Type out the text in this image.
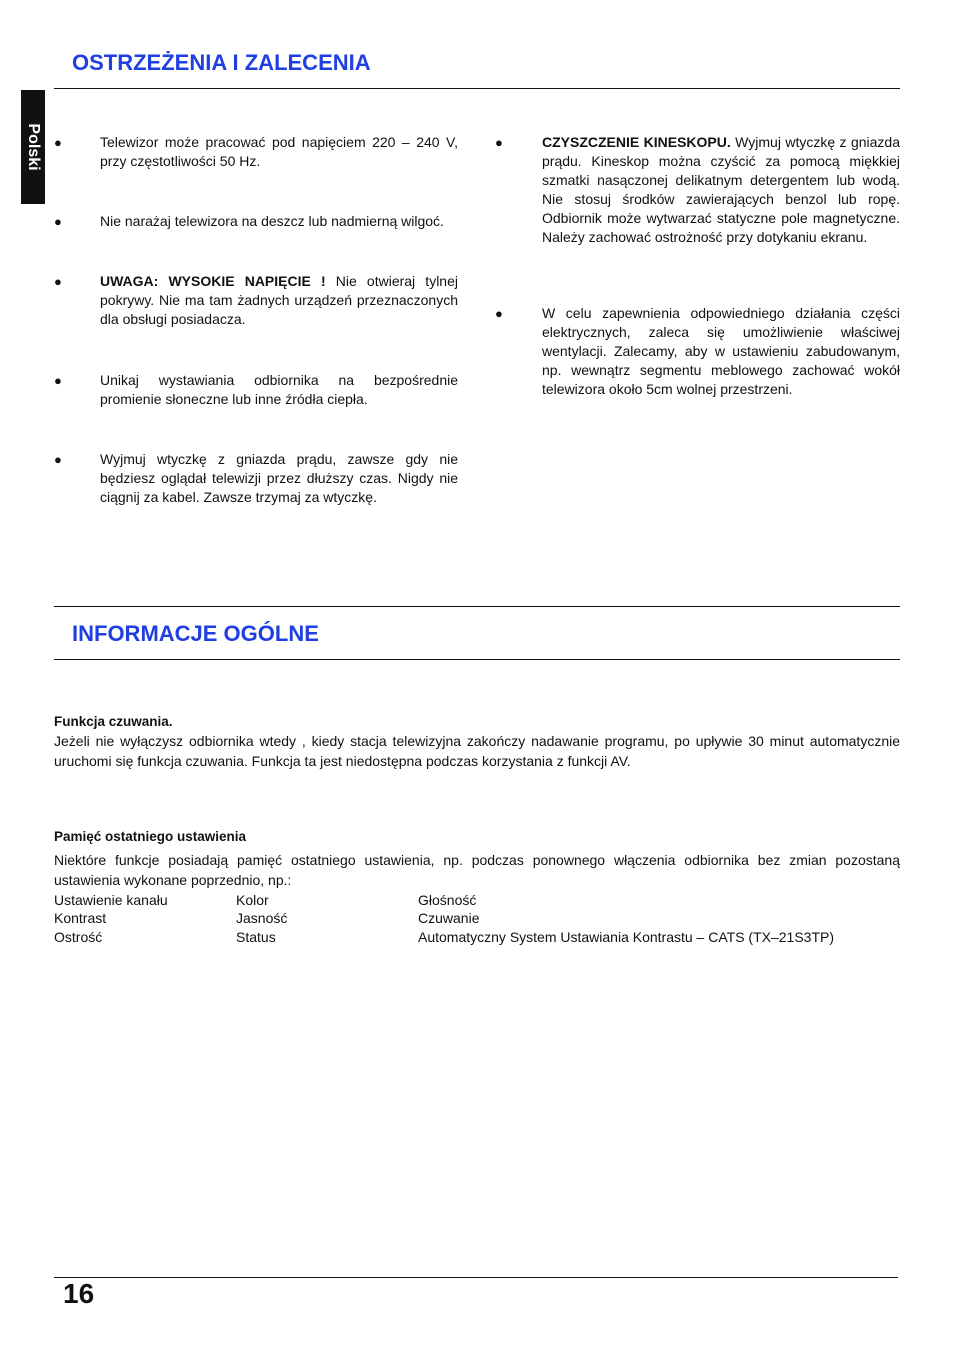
OSTRZEŻENIA I ZALECENIA
Polski ●	Telewizor może pracować pod napięciem 220 – 240 V, przy częstotliwości 50 Hz.
●	Nie narażaj telewizora na deszcz lub nadmierną wilgoć.
●	UWAGA: WYSOKIE NAPIĘCIE ! Nie otwieraj tylnej pokrywy. Nie ma tam żadnych urządzeń przeznaczonych dla obsługi posiadacza.
●	Unikaj wystawiania odbiornika na bezpośrednie promienie słoneczne lub inne źródła ciepła.
●	Wyjmuj wtyczkę z gniazda prądu, zawsze gdy nie będziesz oglądał telewizji przez dłuższy czas. Nigdy nie ciągnij za kabel. Zawsze trzymaj za wtyczkę.
●	CZYSZCZENIE KINESKOPU. Wyjmuj wtyczkę z gniazda prądu. Kineskop można czyścić za pomocą miękkiej szmatki nasączonej delikatnym detergentem lub wodą. Nie stosuj środków zawierających benzol lub ropę. Odbiornik może wytwarzać statyczne pole magnetyczne. Należy zachować ostrożność przy dotykaniu ekranu.
●	W celu zapewnienia odpowiedniego działania części elektrycznych, zaleca się umożliwienie właściwej wentylacji. Zalecamy, aby w ustawieniu zabudowanym, np. wewnątrz segmentu meblowego zachować wokół telewizora około 5cm wolnej przestrzeni.
INFORMACJE OGÓLNE
Funkcja czuwania.
Jeżeli nie wyłączysz odbiornika wtedy , kiedy stacja telewizyjna zakończy nadawanie programu, po upływie 30 minut automatycznie uruchomi się funkcja czuwania. Funkcja ta jest niedostępna podczas korzystania z funkcji AV.
Pamięć ostatniego ustawienia
Niektóre funkcje posiadają pamięć ostatniego ustawienia, np. podczas ponownego włączenia odbiornika bez zmian pozostaną ustawienia wykonane poprzednio, np.:
Ustawienie kanału	Kolor	Głośność
Kontrast	Jasność	Czuwanie
Ostrość	Status	Automatyczny System Ustawiania Kontrastu – CATS (TX–21S3TP)
16
